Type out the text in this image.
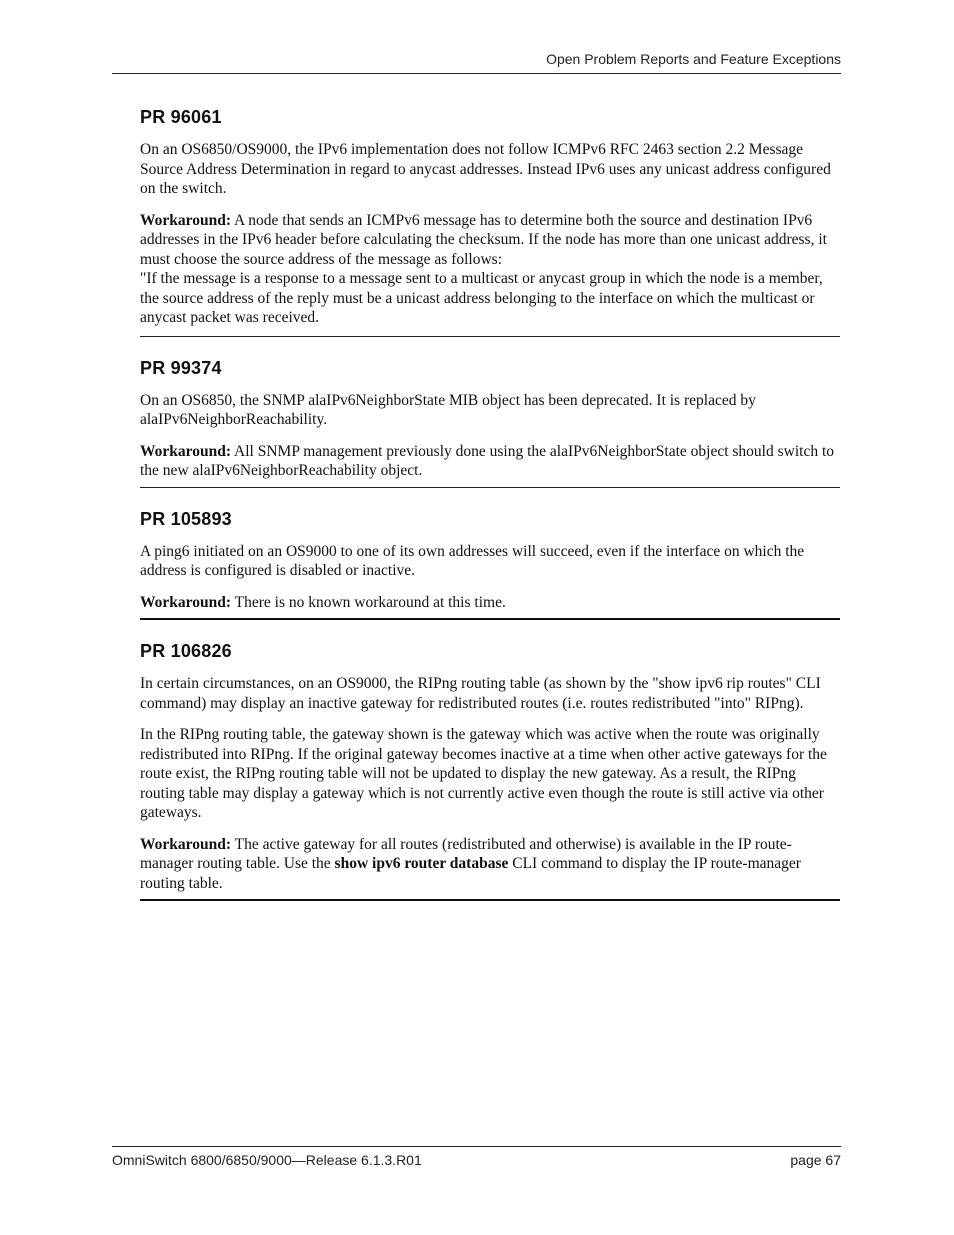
Open Problem Reports and Feature Exceptions
PR 96061

On an OS6850/OS9000, the IPv6 implementation does not follow ICMPv6 RFC 2463 section 2.2 Message Source Address Determination in regard to anycast addresses. Instead IPv6 uses any unicast address configured on the switch.

Workaround: A node that sends an ICMPv6 message has to determine both the source and destination IPv6 addresses in the IPv6 header before calculating the checksum. If the node has more than one unicast address, it must choose the source address of the message as follows:
"If the message is a response to a message sent to a multicast or anycast group in which the node is a member, the source address of the reply must be a unicast address belonging to the interface on which the multicast or anycast packet was received.

PR 99374

On an OS6850, the SNMP alaIPv6NeighborState MIB object has been deprecated. It is replaced by alaIPv6NeighborReachability.

Workaround: All SNMP management previously done using the alaIPv6NeighborState object should switch to the new alaIPv6NeighborReachability object.

PR 105893

A ping6 initiated on an OS9000 to one of its own addresses will succeed, even if the interface on which the address is configured is disabled or inactive.

Workaround: There is no known workaround at this time.

PR 106826

In certain circumstances, on an OS9000, the RIPng routing table (as shown by the "show ipv6 rip routes" CLI command) may display an inactive gateway for redistributed routes (i.e. routes redistributed "into" RIPng).

In the RIPng routing table, the gateway shown is the gateway which was active when the route was originally redistributed into RIPng. If the original gateway becomes inactive at a time when other active gateways for the route exist, the RIPng routing table will not be updated to display the new gateway. As a result, the RIPng routing table may display a gateway which is not currently active even though the route is still active via other gateways.

Workaround: The active gateway for all routes (redistributed and otherwise) is available in the IP route-manager routing table. Use the show ipv6 router database CLI command to display the IP route-manager routing table.

OmniSwitch 6800/6850/9000—Release 6.1.3.R01	page 67
